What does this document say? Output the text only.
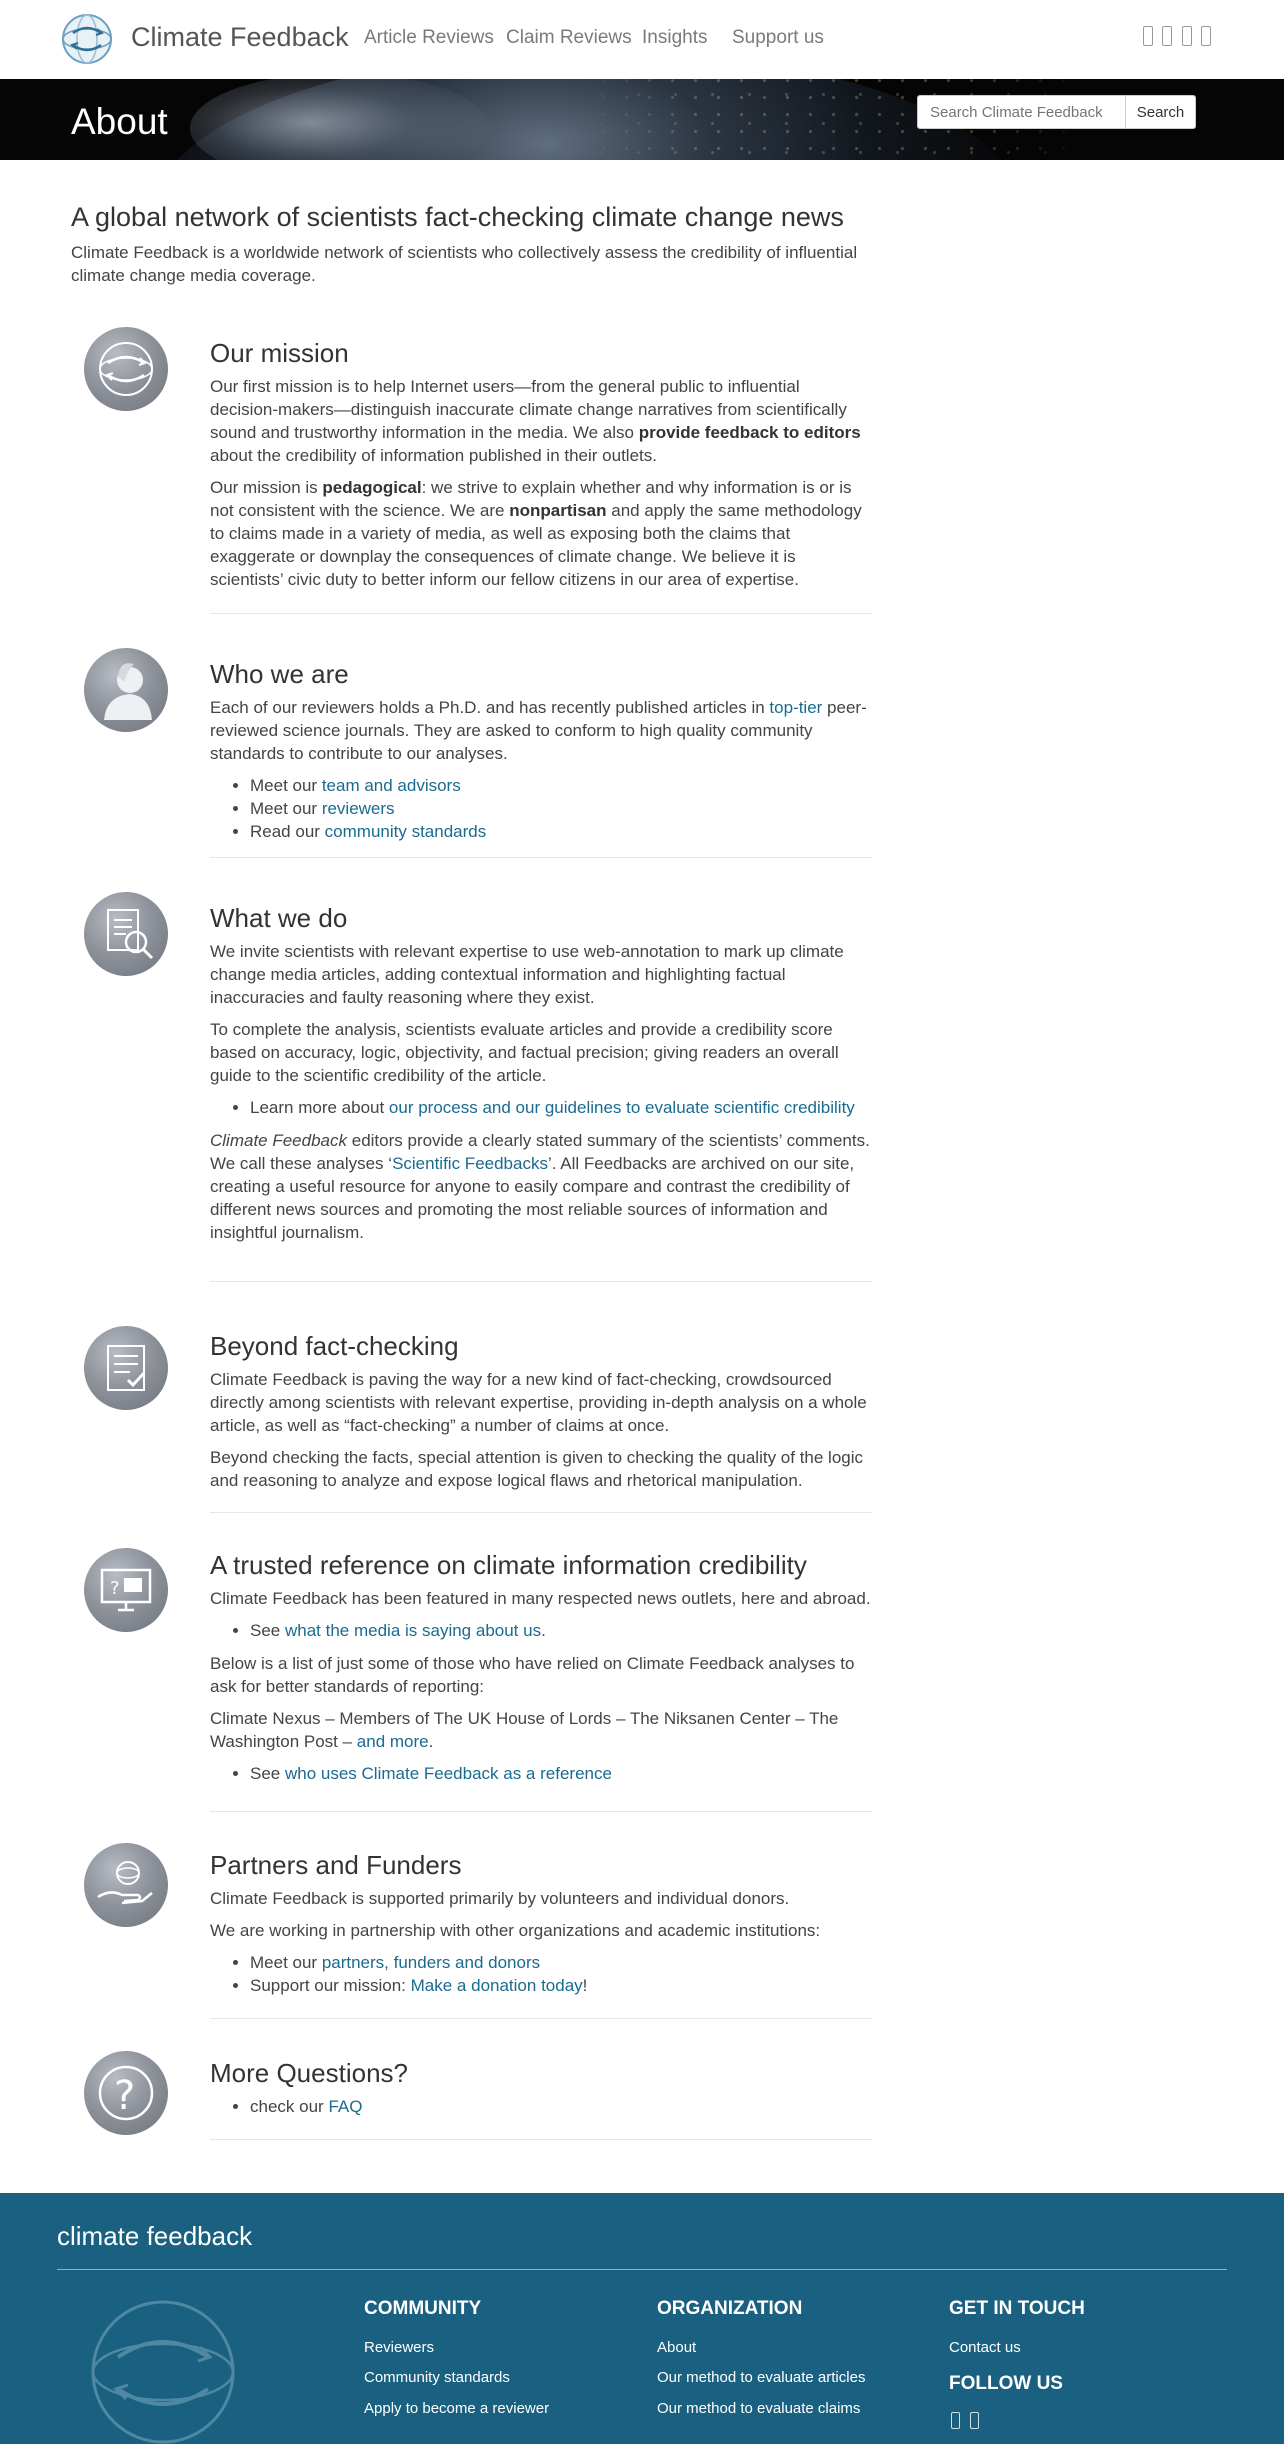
Climate Feedback Article Reviews Claim Reviews Insights Support us
About
Search Climate Feedback	Search
A global network of scientists fact-checking climate change news
Climate Feedback is a worldwide network of scientists who collectively assess the credibility of influential climate change media coverage.
Our mission

Our first mission is to help Internet users—from the general public to influential decision-makers—distinguish inaccurate climate change narratives from scientifically sound and trustworthy information in the media. We also provide feedback to editors about the credibility of information published in their outlets.

Our mission is pedagogical: we strive to explain whether and why information is or is not consistent with the science. We are nonpartisan and apply the same methodology to claims made in a variety of media, as well as exposing both the claims that exaggerate or downplay the consequences of climate change. We believe it is scientists’ civic duty to better inform our fellow citizens in our area of expertise.

Who we are

Each of our reviewers holds a Ph.D. and has recently published articles in top-tier peer-reviewed science journals. They are asked to conform to high quality community standards to contribute to our analyses.

• Meet our team and advisors
• Meet our reviewers
• Read our community standards
What we do

We invite scientists with relevant expertise to use web-annotation to mark up climate change media articles, adding contextual information and highlighting factual inaccuracies and faulty reasoning where they exist.

To complete the analysis, scientists evaluate articles and provide a credibility score based on accuracy, logic, objectivity, and factual precision; giving readers an overall guide to the scientific credibility of the article.

• Learn more about our process and our guidelines to evaluate scientific credibility

Climate Feedback editors provide a clearly stated summary of the scientists’ comments. We call these analyses ‘Scientific Feedbacks’. All Feedbacks are archived on our site, creating a useful resource for anyone to easily compare and contrast the credibility of different news sources and promoting the most reliable sources of information and insightful journalism.

Beyond fact-checking

Climate Feedback is paving the way for a new kind of fact-checking, crowdsourced directly among scientists with relevant expertise, providing in-depth analysis on a whole article, as well as “fact-checking” a number of claims at once.

Beyond checking the facts, special attention is given to checking the quality of the logic and reasoning to analyze and expose logical flaws and rhetorical manipulation.

?
A trusted reference on climate information credibility

Climate Feedback has been featured in many respected news outlets, here and abroad.

• See what the media is saying about us.

Below is a list of just some of those who have relied on Climate Feedback analyses to ask for better standards of reporting:

Climate Nexus – Members of The UK House of Lords – The Niksanen Center – The Washington Post – and more.

• See who uses Climate Feedback as a reference
Partners and Funders

Climate Feedback is supported primarily by volunteers and individual donors.

We are working in partnership with other organizations and academic institutions:

• Meet our partners, funders and donors
• Support our mission: Make a donation today!
?	More Questions?
• check our FAQ
climate feedback
COMMUNITY
Reviewers
Community standards
Apply to become a reviewer
ORGANIZATION
About
Our method to evaluate articles
Our method to evaluate claims
GET IN TOUCH
Contact us
FOLLOW US
